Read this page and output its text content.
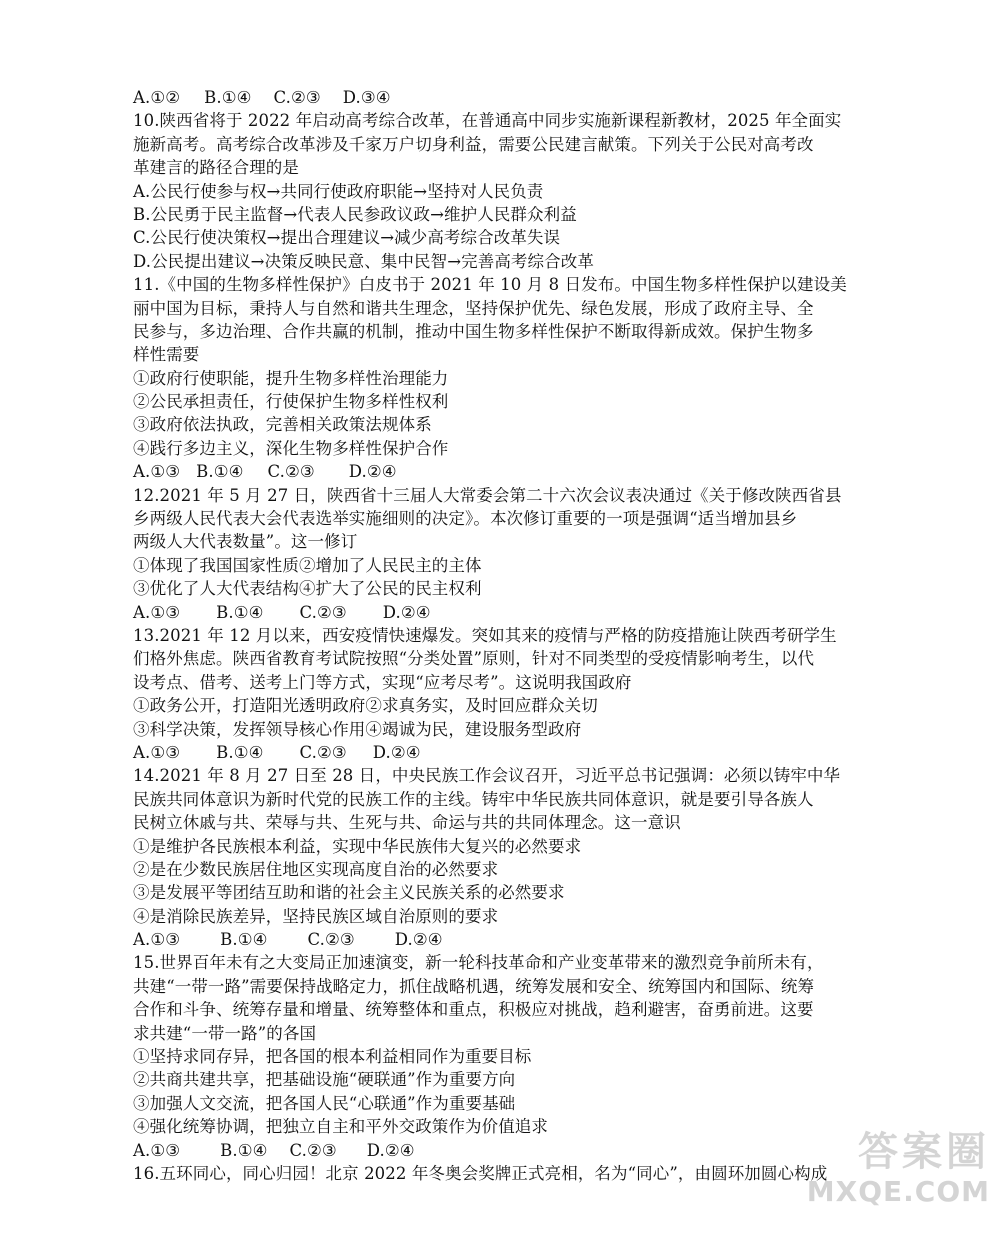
A.①② B.①④ C.②③ D.③④
10.陕西省将于 2022 年启动高考综合改革，在普通高中同步实施新课程新教材，2025 年全面实
施新高考。高考综合改革涉及千家万户切身利益，需要公民建言献策。下列关于公民对高考改
革建言的路径合理的是
A.公民行使参与权→共同行使政府职能→坚持对人民负责
B.公民勇于民主监督→代表人民参政议政→维护人民群众利益
C.公民行使决策权→提出合理建议→减少高考综合改革失误
D.公民提出建议→决策反映民意、集中民智→完善高考综合改革
11.《中国的生物多样性保护》白皮书于 2021 年 10 月 8 日发布。中国生物多样性保护以建设美
丽中国为目标，秉持人与自然和谐共生理念，坚持保护优先、绿色发展，形成了政府主导、全
民参与，多边治理、合作共赢的机制，推动中国生物多样性保护不断取得新成效。保护生物多
样性需要
①政府行使职能，提升生物多样性治理能力
②公民承担责任，行使保护生物多样性权利
③政府依法执政，完善相关政策法规体系
④践行多边主义，深化生物多样性保护合作
A.①③ B.①④ C.②③ D.②④
12.2021 年 5 月 27 日，陕西省十三届人大常委会第二十六次会议表决通过《关于修改陕西省县
乡两级人民代表大会代表选举实施细则的决定》。本次修订重要的一项是强调“适当增加县乡
两级人大代表数量”。这一修订
①体现了我国国家性质②增加了人民民主的主体
③优化了人大代表结构④扩大了公民的民主权利
A.①③ B.①④ C.②③ D.②④
13.2021 年 12 月以来，西安疫情快速爆发。突如其来的疫情与严格的防疫措施让陕西考研学生
们格外焦虑。陕西省教育考试院按照“分类处置”原则，针对不同类型的受疫情影响考生，以代
设考点、借考、送考上门等方式，实现“应考尽考”。这说明我国政府
①政务公开，打造阳光透明政府②求真务实，及时回应群众关切
③科学决策，发挥领导核心作用④竭诚为民，建设服务型政府
A.①③ B.①④ C.②③ D.②④
14.2021 年 8 月 27 日至 28 日，中央民族工作会议召开，习近平总书记强调：必须以铸牢中华
民族共同体意识为新时代党的民族工作的主线。铸牢中华民族共同体意识，就是要引导各族人
民树立休戚与共、荣辱与共、生死与共、命运与共的共同体理念。这一意识
①是维护各民族根本利益，实现中华民族伟大复兴的必然要求
②是在少数民族居住地区实现高度自治的必然要求
③是发展平等团结互助和谐的社会主义民族关系的必然要求
④是消除民族差异，坚持民族区域自治原则的要求
A.①③ B.①④ C.②③ D.②④
15.世界百年未有之大变局正加速演变，新一轮科技革命和产业变革带来的激烈竞争前所未有，
共建“一带一路”需要保持战略定力，抓住战略机遇，统筹发展和安全、统筹国内和国际、统筹
合作和斗争、统筹存量和增量、统筹整体和重点，积极应对挑战，趋利避害，奋勇前进。这要
求共建“一带一路”的各国
①坚持求同存异，把各国的根本利益相同作为重要目标
②共商共建共享，把基础设施“硬联通”作为重要方向
③加强人文交流，把各国人民“心联通”作为重要基础
④强化统筹协调，把独立自主和平外交政策作为价值追求
A.①③ B.①④ C.②③ D.②④
16.五环同心，同心归园！北京 2022 年冬奥会奖牌正式亮相，名为“同心”，由圆环加圆心构成 答案圈
MXQE.COM
